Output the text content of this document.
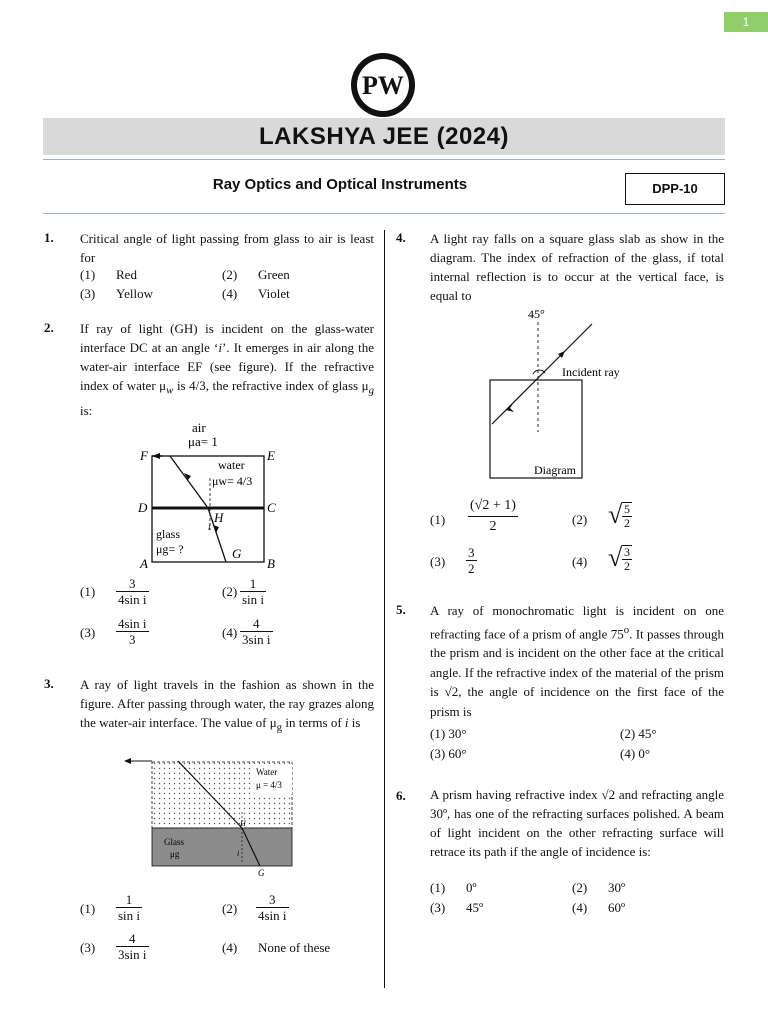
1
PW
LAKSHYA JEE (2024)
Ray Optics and Optical Instruments	DPP-10
1. Critical angle of light passing from glass to air is least for
(1) Red	(2) Green
(3) Yellow	(4) Violet
2. If ray of light (GH) is incident on the glass-water interface DC at an angle ‘i’. It emerges in air along the water-air interface EF (see figure). If the refractive index of water $\mu_w$ is 4/3, the refractive index of glass $\mu_g$ is:
air
μa= 1
water
μw= 4/3
glass
μg= ?
F	E
D	C
A	B
H
G
i
$(1) \frac{3}{\text{4sin i}}$	$(2) \frac{1}{\text{sin i}}$
$(3) \frac{\text{4sin i}}{3}$	$(4) \frac{4}{\text{3sin i}}$
3. A ray of light travels in the fashion as shown in the figure. After passing through water, the ray grazes along the water-air interface. The value of $\mu_g$ in terms of i is
Water
μ = 4/3
Glass
μg
H
G
i
$(1) \frac{1}{\text{sin i}}$	$(2) \frac{3}{\text{4sin i}}$
$(3) \frac{4}{\text{3sin i}}$	(4) None of these
4. A light ray falls on a square glass slab as show in the diagram. The index of refraction of the glass, if total internal reflection is to occur at the vertical face, is equal to
45°
Incident ray
Diagram
$(1) \frac{(√2 + 1)}{2}$	(2) √ $\frac{5}{2}$
$(3) \frac{3}{2}$	(4) √ $\frac{3}{2}$
5. A ray of monochromatic light is incident on one refracting face of a prism of angle 75$^o$. It passes through the prism and is incident on the other face at the critical angle. If the refractive index of the material of the prism is √2, the angle of incidence on the first face of the prism is
(1) 30°	(2) 45°
(3) 60°	(4) 0°
6. A prism having refractive index √2 and refracting angle 30º, has one of the refracting surfaces polished. A beam of light incident on the other refracting surface will retrace its path if the angle of incidence is:
(1) 0º	(2) 30º
(3) 45º	(4) 60º
